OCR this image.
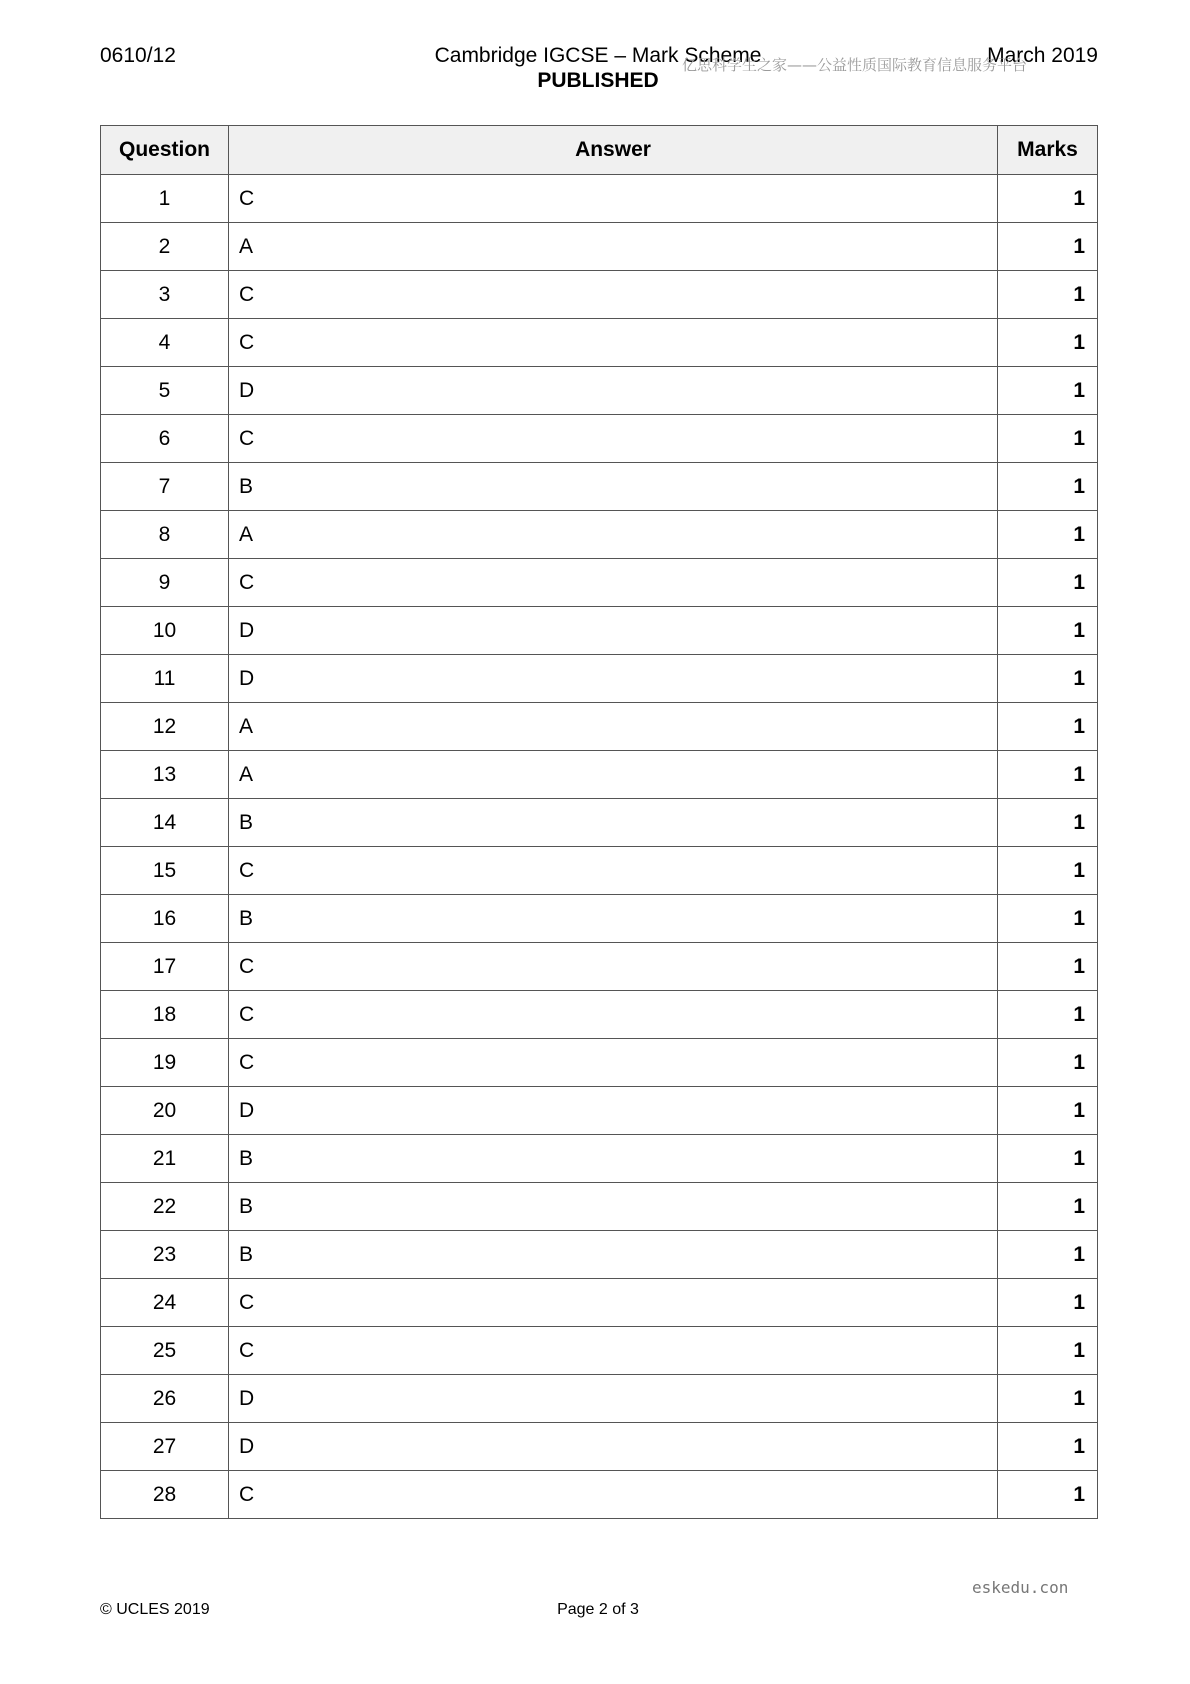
0610/12	Cambridge IGCSE – Mark Scheme	March 2019
PUBLISHED
亿思科学生之家——公益性质国际教育信息服务平台
Question	Answer	Marks
1	C	1
2	A	1
3	C	1
4	C	1
5	D	1
6	C	1
7	B	1
8	A	1
9	C	1
10	D	1
11	D	1
12	A	1
13	A	1
14	B	1
15	C	1
16	B	1
17	C	1
18	C	1
19	C	1
20	D	1
21	B	1
22	B	1
23	B	1
24	C	1
25	C	1
26	D	1
27	D	1
28	C	1
© UCLES 2019	Page 2 of 3
eskedu.con
